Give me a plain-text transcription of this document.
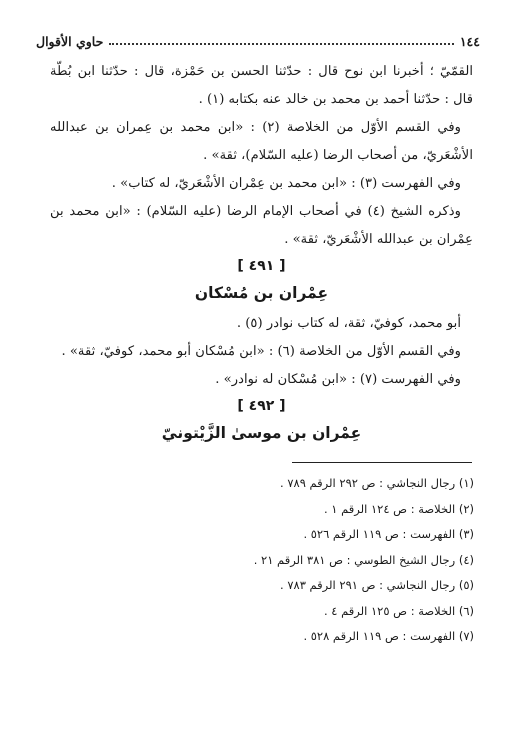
١٤٤
حاوي الأقوال

القمّيّ ؛ أخبرنا ابن نوح قال : حدّثنا الحسن بن حَمْزة، قال : حدّثنا ابن بُطّة

قال : حدّثنا أحمد بن محمد بن خالد عنه بكتابه (١) .

وفي القسم الأوّل من الخلاصة (٢) : «ابن محمد بن عِمران بن عبدالله

الأشْعَريّ، من أصحاب الرضا (عليه السّلام)، ثقة» .

وفي الفهرست (٣) : «ابن محمد بن عِمْران الأشْعَريّ، له كتاب» .

وذكره الشيخ (٤) في أصحاب الإمام الرضا (عليه السّلام) : «ابن محمد بن

عِمْران بن عبدالله الأشْعَريّ، ثقة» .

[ ٤٩١ ]

عِمْران بن مُسْكان

أبو محمد، كوفيّ، ثقة، له كتاب نوادر (٥) .

وفي القسم الأوّل من الخلاصة (٦) : «ابن مُسْكان أبو محمد، كوفيّ، ثقة» .

وفي الفهرست (٧) : «ابن مُسْكان له نوادر» .

[ ٤٩٢ ]

عِمْران بن موسىٰ الزَّيْتونيّ

(١) رجال النجاشي : ص ٢٩٢ الرقم ٧٨٩ .

(٢) الخلاصة : ص ١٢٤ الرقم ١ .

(٣) الفهرست : ص ١١٩ الرقم ٥٢٦ .

(٤) رجال الشيخ الطوسي : ص ٣٨١ الرقم ٢١ .

(٥) رجال النجاشي : ص ٢٩١ الرقم ٧٨٣ .

(٦) الخلاصة : ص ١٢٥ الرقم ٤ .

(٧) الفهرست : ص ١١٩ الرقم ٥٢٨ .
